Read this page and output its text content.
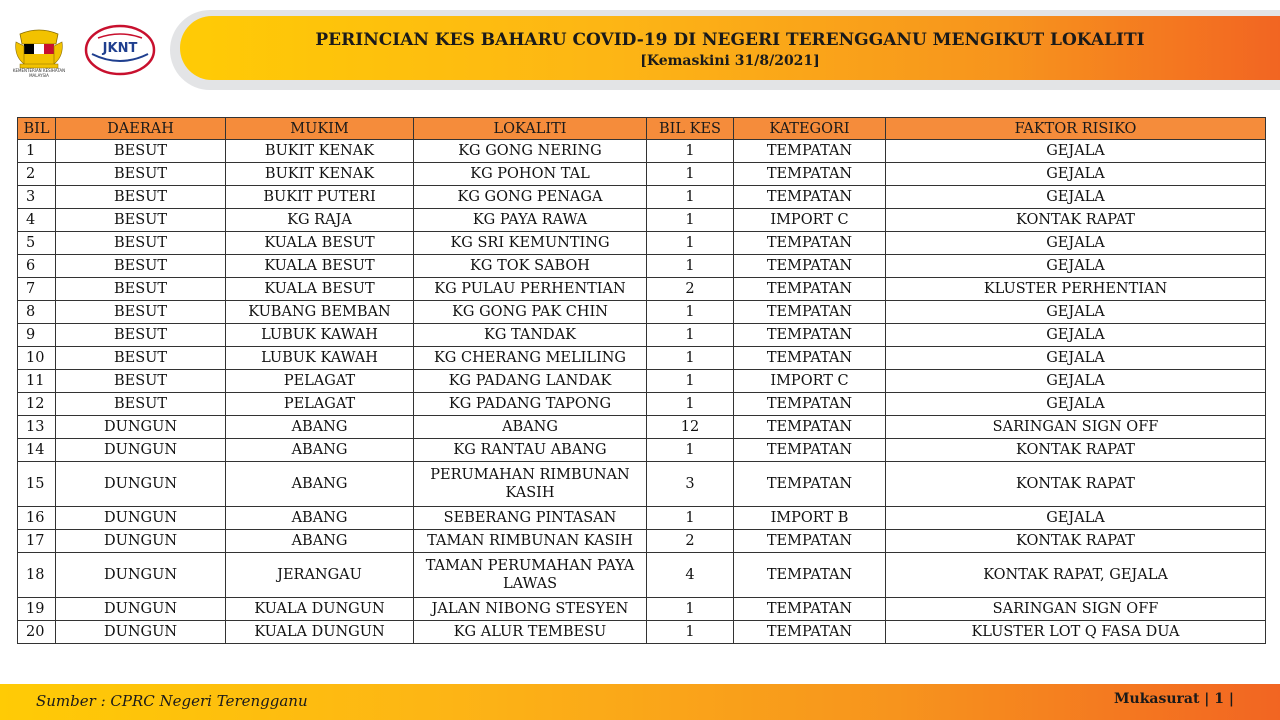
PERINCIAN KES BAHARU COVID-19 DI NEGERI TERENGGANU MENGIKUT LOKALITI
[Kemaskini 31/8/2021]
KEMENTERIAN KESIHATAN MALAYSIA
JKNT
BIL	DAERAH	MUKIM	LOKALITI	BIL KES	KATEGORI	FAKTOR RISIKO
1	BESUT	BUKIT KENAK	KG GONG NERING	1	TEMPATAN	GEJALA
2	BESUT	BUKIT KENAK	KG POHON TAL	1	TEMPATAN	GEJALA
3	BESUT	BUKIT PUTERI	KG GONG PENAGA	1	TEMPATAN	GEJALA
4	BESUT	KG RAJA	KG PAYA RAWA	1	IMPORT C	KONTAK RAPAT
5	BESUT	KUALA BESUT	KG SRI KEMUNTING	1	TEMPATAN	GEJALA
6	BESUT	KUALA BESUT	KG TOK SABOH	1	TEMPATAN	GEJALA
7	BESUT	KUALA BESUT	KG PULAU PERHENTIAN	2	TEMPATAN	KLUSTER PERHENTIAN
8	BESUT	KUBANG BEMBAN	KG GONG PAK CHIN	1	TEMPATAN	GEJALA
9	BESUT	LUBUK KAWAH	KG TANDAK	1	TEMPATAN	GEJALA
10	BESUT	LUBUK KAWAH	KG CHERANG MELILING	1	TEMPATAN	GEJALA
11	BESUT	PELAGAT	KG PADANG LANDAK	1	IMPORT C	GEJALA
12	BESUT	PELAGAT	KG PADANG TAPONG	1	TEMPATAN	GEJALA
13	DUNGUN	ABANG	ABANG	12	TEMPATAN	SARINGAN SIGN OFF
14	DUNGUN	ABANG	KG RANTAU ABANG	1	TEMPATAN	KONTAK RAPAT
15	DUNGUN	ABANG	PERUMAHAN RIMBUNAN KASIH	3	TEMPATAN	KONTAK RAPAT
16	DUNGUN	ABANG	SEBERANG PINTASAN	1	IMPORT B	GEJALA
17	DUNGUN	ABANG	TAMAN RIMBUNAN KASIH	2	TEMPATAN	KONTAK RAPAT
18	DUNGUN	JERANGAU	TAMAN PERUMAHAN PAYA LAWAS	4	TEMPATAN	KONTAK RAPAT, GEJALA
19	DUNGUN	KUALA DUNGUN	JALAN NIBONG STESYEN	1	TEMPATAN	SARINGAN SIGN OFF
20	DUNGUN	KUALA DUNGUN	KG ALUR TEMBESU	1	TEMPATAN	KLUSTER LOT Q FASA DUA
Sumber : CPRC Negeri Terengganu	Mukasurat | 1 |
